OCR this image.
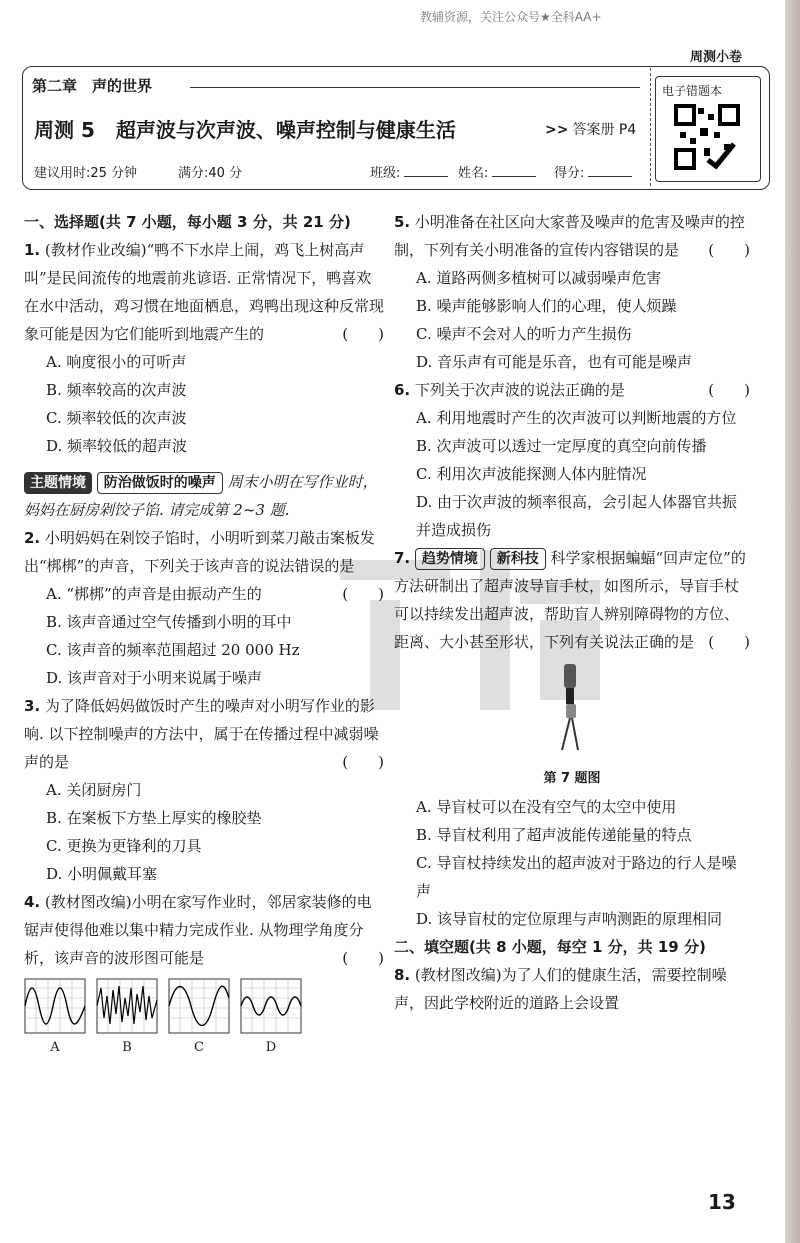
教辅资源，关注公众号★全科AA+
周测小卷
第二章　声的世界
周测 5 超声波与次声波、噪声控制与健康生活	>> 答案册 P4
电子错题本
建议用时:25 分钟	满分:40 分	班级:	姓名:	得分:
一、选择题(共 7 小题，每小题 3 分，共 21 分)
1. (教材作业改编)“鸭不下水岸上闹，鸡飞上树高声叫”是民间流传的地震前兆谚语. 正常情况下，鸭喜欢在水中活动，鸡习惯在地面栖息，鸡鸭出现这种反常现象可能是因为它们能听到地震产生的	(　　)
A. 响度很小的可听声
B. 频率较高的次声波
C. 频率较低的次声波
D. 频率较低的超声波
主题情境 防治做饭时的噪声 周末小明在写作业时，妈妈在厨房剁饺子馅. 请完成第 2~3 题.
2. 小明妈妈在剁饺子馅时，小明听到菜刀敲击案板发出“梆梆”的声音，下列关于该声音的说法错误的是
(　　)
A. “梆梆”的声音是由振动产生的
B. 该声音通过空气传播到小明的耳中
C. 该声音的频率范围超过 20 000 Hz
D. 该声音对于小明来说属于噪声
3. 为了降低妈妈做饭时产生的噪声对小明写作业的影响. 以下控制噪声的方法中，属于在传播过程中减弱噪声的是	(　　)
A. 关闭厨房门
B. 在案板下方垫上厚实的橡胶垫
C. 更换为更锋利的刀具
D. 小明佩戴耳塞
4. (教材图改编)小明在家写作业时，邻居家装修的电锯声使得他难以集中精力完成作业. 从物理学角度分析，该声音的波形图可能是	(　　)
A	B	C	D
5. 小明准备在社区向大家普及噪声的危害及噪声的控制，下列有关小明准备的宣传内容错误的是 (　　)
A. 道路两侧多植树可以减弱噪声危害
B. 噪声能够影响人们的心理，使人烦躁
C. 噪声不会对人的听力产生损伤
D. 音乐声有可能是乐音，也有可能是噪声
6. 下列关于次声波的说法正确的是	(　　)
A. 利用地震时产生的次声波可以判断地震的方位
B. 次声波可以透过一定厚度的真空向前传播
C. 利用次声波能探测人体内脏情况
D. 由于次声波的频率很高，会引起人体器官共振并造成损伤
7. 趋势情境 新科技 科学家根据蝙蝠“回声定位”的方法研制出了超声波导盲手杖，如图所示，导盲手杖可以持续发出超声波，帮助盲人辨别障碍物的方位、距离、大小甚至形状，下列有关说法正确的是 (　　)
第 7 题图
A. 导盲杖可以在没有空气的太空中使用
B. 导盲杖利用了超声波能传递能量的特点
C. 导盲杖持续发出的超声波对于路边的行人是噪声
D. 该导盲杖的定位原理与声呐测距的原理相同
二、填空题(共 8 小题，每空 1 分，共 19 分)
8. (教材图改编)为了人们的健康生活，需要控制噪声，因此学校附近的道路上会设置
13
